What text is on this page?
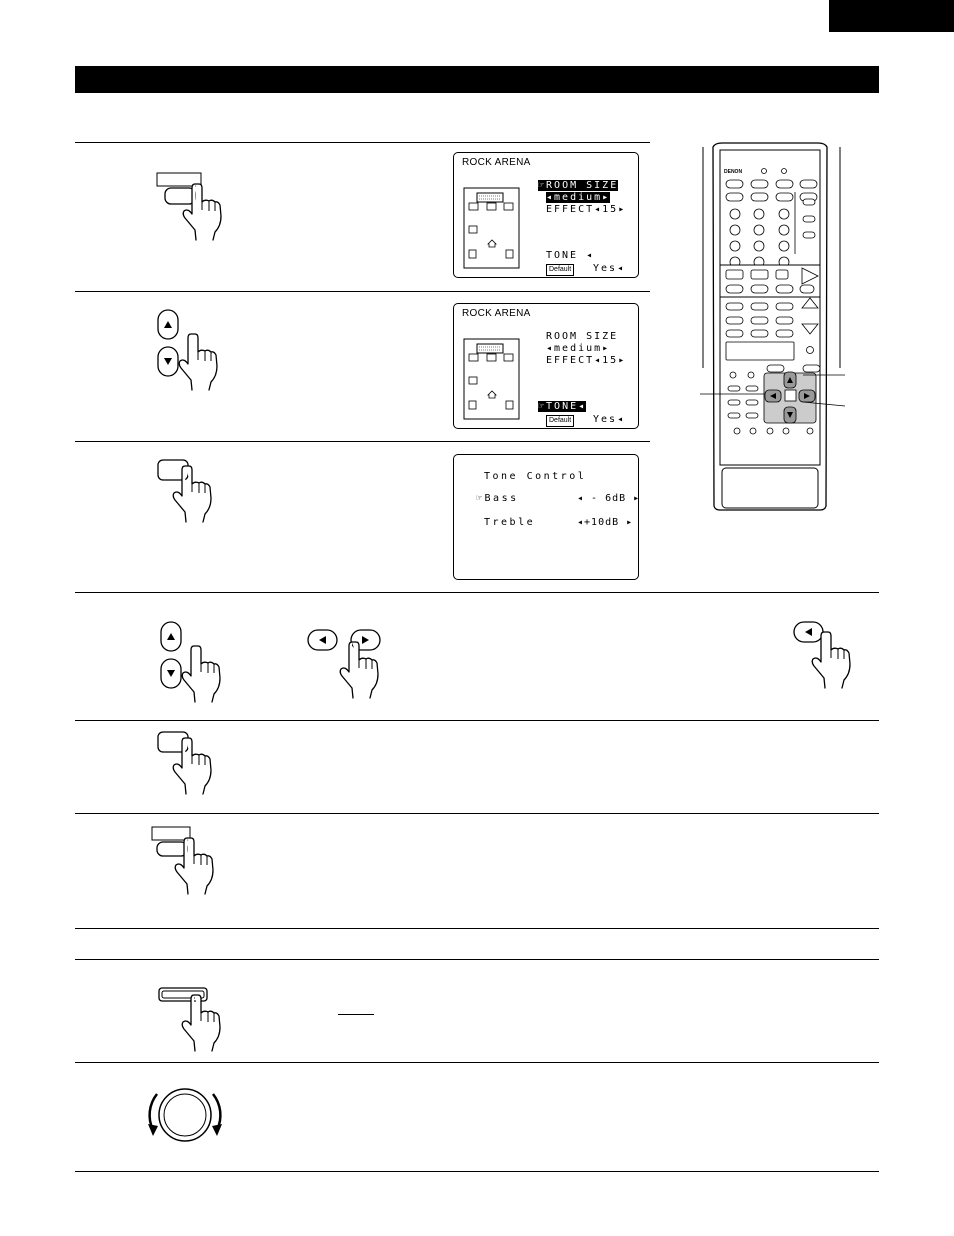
ROCK ARENA
☞ROOM SIZE
◂medium▸
EFFECT◂15▸
TONE ◂
Default	Yes◂
ROCK ARENA
ROOM SIZE
◂medium▸
EFFECT◂15▸
☞TONE◂
Default	Yes◂
Tone Control
☞Bass	◂ - 6dB ▸
Treble	◂+10dB ▸
DENON
